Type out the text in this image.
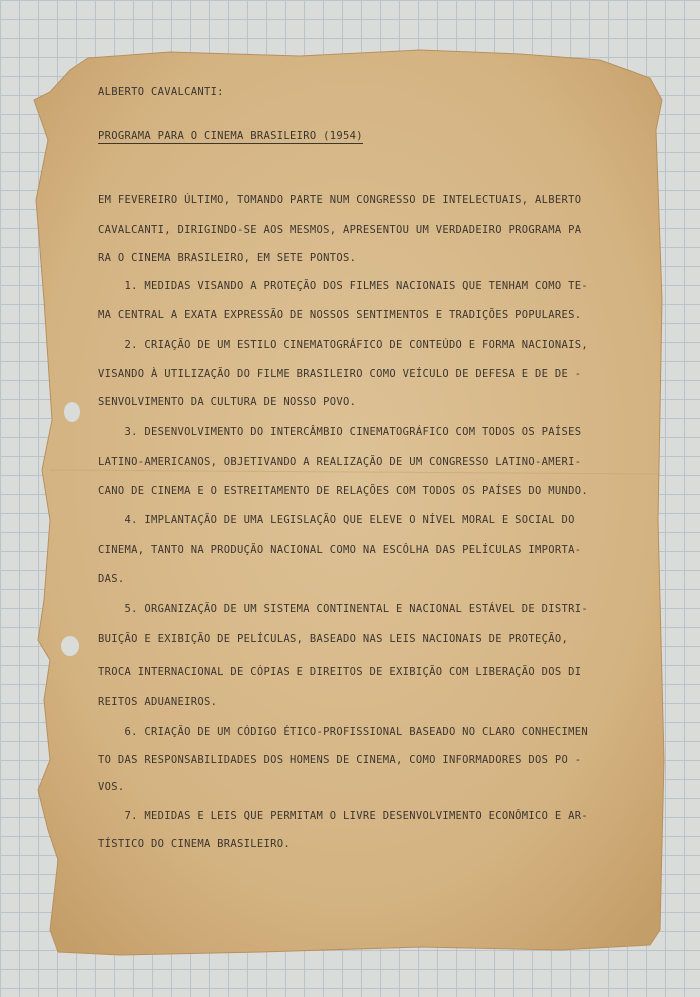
ALBERTO CAVALCANTI:
PROGRAMA PARA O CINEMA BRASILEIRO (1954)
EM FEVEREIRO ÚLTIMO, TOMANDO PARTE NUM CONGRESSO DE INTELECTUAIS, ALBERTO
CAVALCANTI, DIRIGINDO-SE AOS MESMOS, APRESENTOU UM VERDADEIRO PROGRAMA PA
RA O CINEMA BRASILEIRO, EM SETE PONTOS.
1. MEDIDAS VISANDO A PROTEÇÃO DOS FILMES NACIONAIS QUE TENHAM COMO TE-
MA CENTRAL A EXATA EXPRESSÃO DE NOSSOS SENTIMENTOS E TRADIÇÕES POPULARES.
2. CRIAÇÃO DE UM ESTILO CINEMATOGRÁFICO DE CONTEÚDO E FORMA NACIONAIS,
VISANDO À UTILIZAÇÃO DO FILME BRASILEIRO COMO VEÍCULO DE DEFESA E DE DE -
SENVOLVIMENTO DA CULTURA DE NOSSO POVO.
3. DESENVOLVIMENTO DO INTERCÂMBIO CINEMATOGRÁFICO COM TODOS OS PAÍSES
LATINO-AMERICANOS, OBJETIVANDO A REALIZAÇÃO DE UM CONGRESSO LATINO-AMERI-
CANO DE CINEMA E O ESTREITAMENTO DE RELAÇÕES COM TODOS OS PAÍSES DO MUNDO.
4. IMPLANTAÇÃO DE UMA LEGISLAÇÃO QUE ELEVE O NÍVEL MORAL E SOCIAL DO
CINEMA, TANTO NA PRODUÇÃO NACIONAL COMO NA ESCÔLHA DAS PELÍCULAS IMPORTA-
DAS.
5. ORGANIZAÇÃO DE UM SISTEMA CONTINENTAL E NACIONAL ESTÁVEL DE DISTRI-
BUIÇÃO E EXIBIÇÃO DE PELÍCULAS, BASEADO NAS LEIS NACIONAIS DE PROTEÇÃO,
TROCA INTERNACIONAL DE CÓPIAS E DIREITOS DE EXIBIÇÃO COM LIBERAÇÃO DOS DI
REITOS ADUANEIROS.
6. CRIAÇÃO DE UM CÓDIGO ÉTICO-PROFISSIONAL BASEADO NO CLARO CONHECIMEN
TO DAS RESPONSABILIDADES DOS HOMENS DE CINEMA, COMO INFORMADORES DOS PO -
VOS.
7. MEDIDAS E LEIS QUE PERMITAM O LIVRE DESENVOLVIMENTO ECONÔMICO E AR-
TÍSTICO DO CINEMA BRASILEIRO.
